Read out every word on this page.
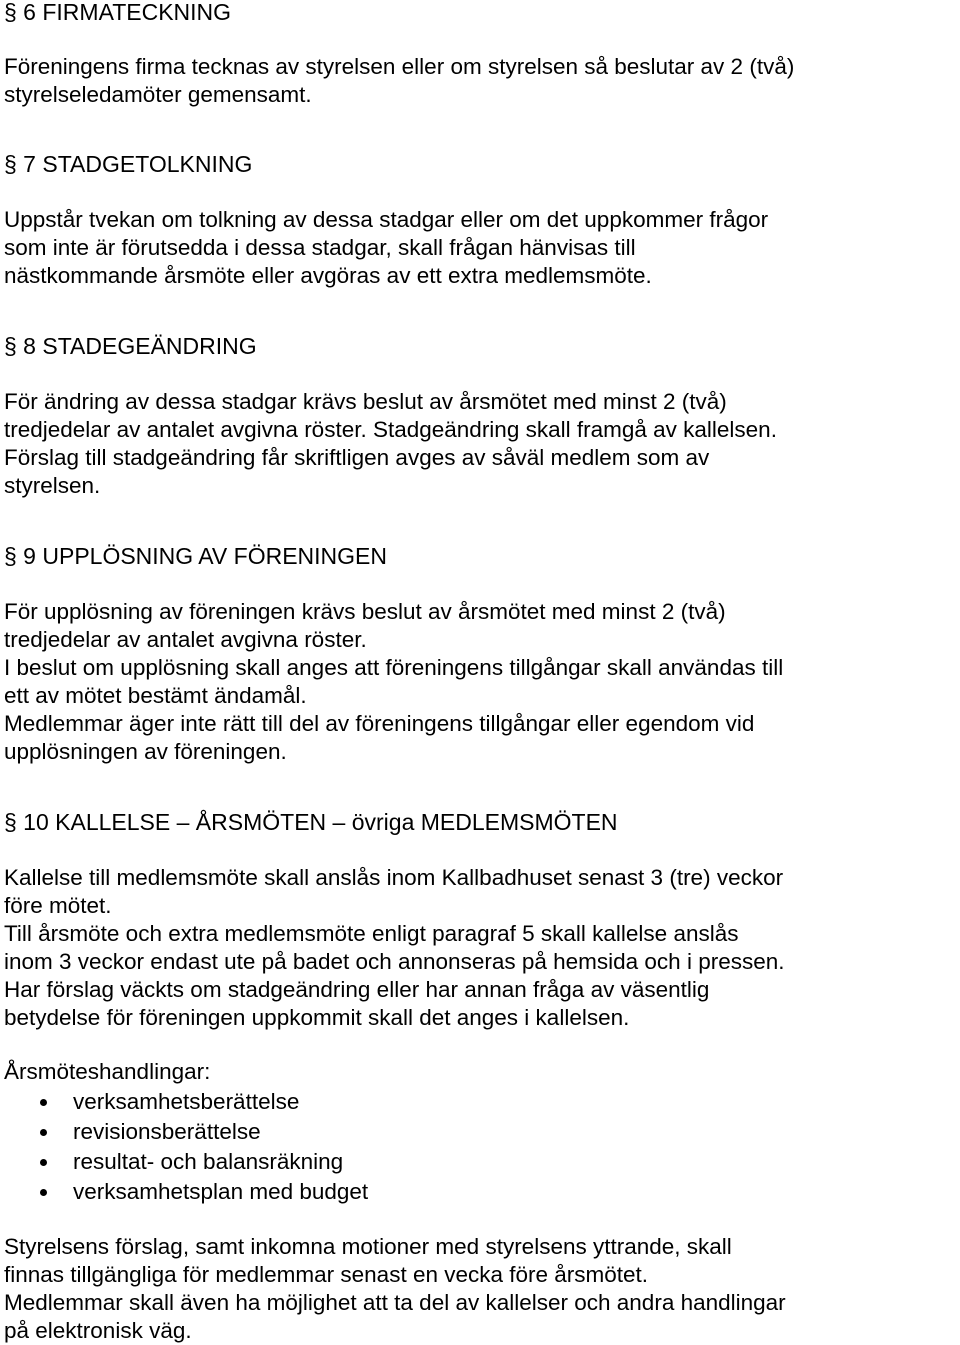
§ 6 FIRMATECKNING
Föreningens firma tecknas av styrelsen eller om styrelsen så beslutar av 2 (två)
styrelseledamöter gemensamt.
§ 7 STADGETOLKNING
Uppstår tvekan om tolkning av dessa stadgar eller om det uppkommer frågor
som inte är förutsedda i dessa stadgar, skall frågan hänvisas till
nästkommande årsmöte eller avgöras av ett extra medlemsmöte.
§ 8 STADEGEÄNDRING
För ändring av dessa stadgar krävs beslut av årsmötet med minst 2 (två)
tredjedelar av antalet avgivna röster. Stadgeändring skall framgå av kallelsen.
Förslag till stadgeändring får skriftligen avges av såväl medlem som av
styrelsen.
§ 9 UPPLÖSNING AV FÖRENINGEN
För upplösning av föreningen krävs beslut av årsmötet med minst 2 (två)
tredjedelar av antalet avgivna röster.
I beslut om upplösning skall anges att föreningens tillgångar skall användas till
ett av mötet bestämt ändamål.
Medlemmar äger inte rätt till del av föreningens tillgångar eller egendom vid
upplösningen av föreningen.
§ 10 KALLELSE – ÅRSMÖTEN – övriga MEDLEMSMÖTEN
Kallelse till medlemsmöte skall anslås inom Kallbadhuset senast 3 (tre) veckor
före mötet.
Till årsmöte och extra medlemsmöte enligt paragraf 5 skall kallelse anslås
inom 3 veckor endast ute på badet och annonseras på hemsida och i pressen.
Har förslag väckts om stadgeändring eller har annan fråga av väsentlig
betydelse för föreningen uppkommit skall det anges i kallelsen.
Årsmöteshandlingar:
verksamhetsberättelse
revisionsberättelse
resultat- och balansräkning
verksamhetsplan med budget
Styrelsens förslag, samt inkomna motioner med styrelsens yttrande, skall
finnas tillgängliga för medlemmar senast en vecka före årsmötet.
Medlemmar skall även ha möjlighet att ta del av kallelser och andra handlingar
på elektronisk väg.
